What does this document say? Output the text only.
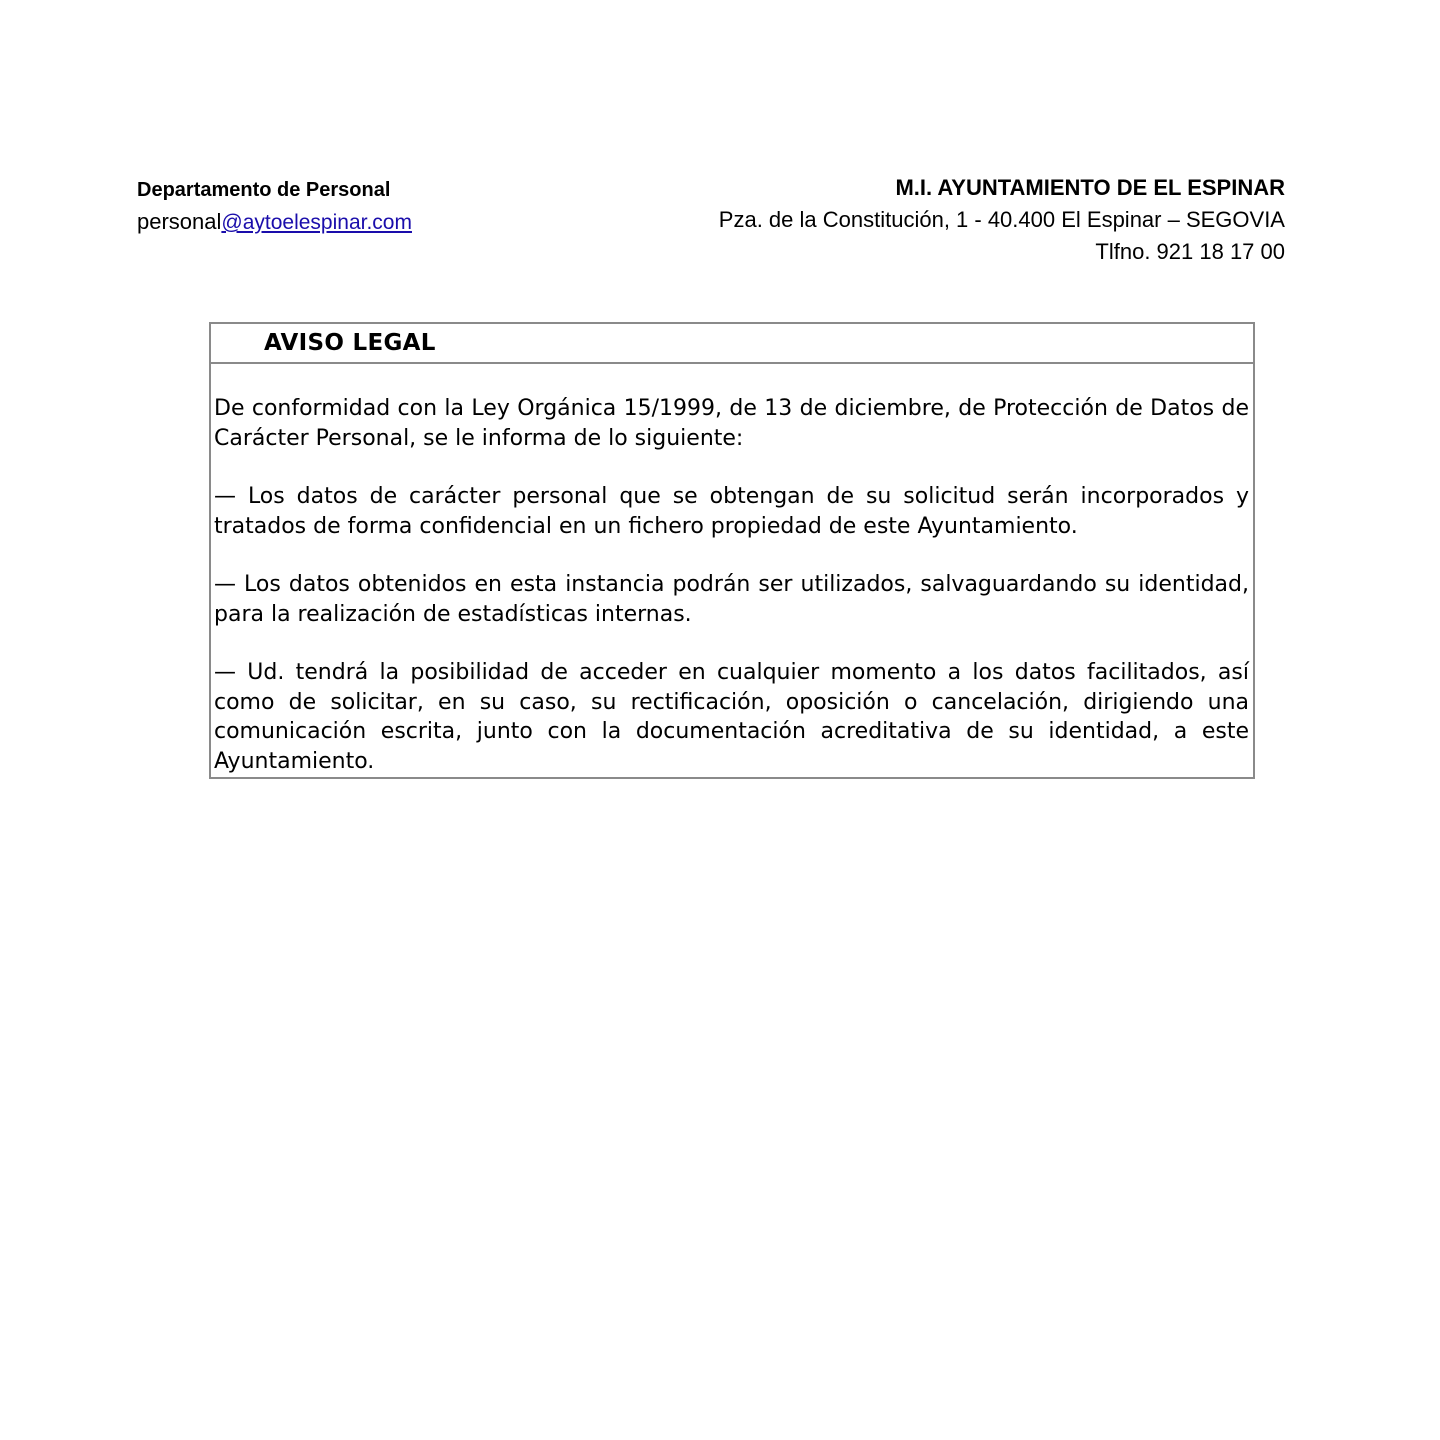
Departamento de Personal

personal@aytoelespinar.com

M.I. AYUNTAMIENTO DE EL ESPINAR

Pza. de la Constitución, 1 - 40.400 El Espinar – SEGOVIA

Tlfno. 921 18 17 00

AVISO LEGAL

De conformidad con la Ley Orgánica 15/1999, de 13 de diciembre, de Protección de Datos de Carácter Personal, se le informa de lo siguiente:

— Los datos de carácter personal que se obtengan de su solicitud serán incorporados y tratados de forma confidencial en un fichero propiedad de este Ayuntamiento.

— Los datos obtenidos en esta instancia podrán ser utilizados, salvaguardando su identidad, para la realización de estadísticas internas.

— Ud. tendrá la posibilidad de acceder en cualquier momento a los datos facilitados, así como de solicitar, en su caso, su rectificación, oposición o cancelación, dirigiendo una comunicación escrita, junto con la documentación acreditativa de su identidad, a este Ayuntamiento.
